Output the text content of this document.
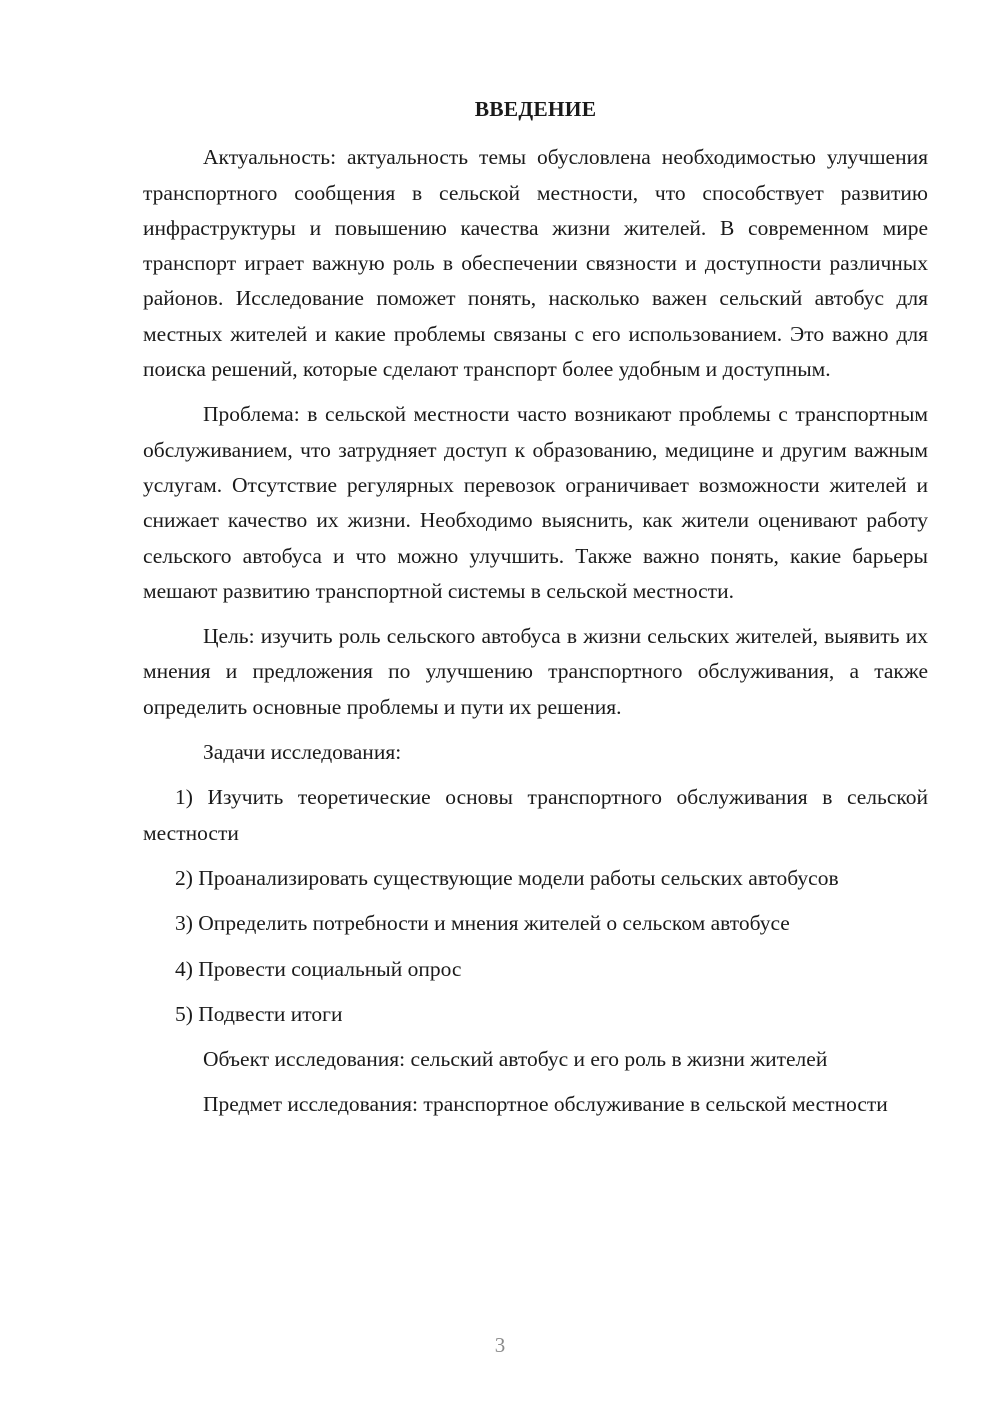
ВВЕДЕНИЕ

Актуальность: актуальность темы обусловлена необходимостью улучшения транспортного сообщения в сельской местности, что способствует развитию инфраструктуры и повышению качества жизни жителей. В современном мире транспорт играет важную роль в обеспечении связности и доступности различных районов. Исследование поможет понять, насколько важен сельский автобус для местных жителей и какие проблемы связаны с его использованием. Это важно для поиска решений, которые сделают транспорт более удобным и доступным.

Проблема: в сельской местности часто возникают проблемы с транспортным обслуживанием, что затрудняет доступ к образованию, медицине и другим важным услугам. Отсутствие регулярных перевозок ограничивает возможности жителей и снижает качество их жизни. Необходимо выяснить, как жители оценивают работу сельского автобуса и что можно улучшить. Также важно понять, какие барьеры мешают развитию транспортной системы в сельской местности.

Цель: изучить роль сельского автобуса в жизни сельских жителей, выявить их мнения и предложения по улучшению транспортного обслуживания, а также определить основные проблемы и пути их решения.

Задачи исследования:

1) Изучить теоретические основы транспортного обслуживания в сельской местности

2) Проанализировать существующие модели работы сельских автобусов

3) Определить потребности и мнения жителей о сельском автобусе

4) Провести социальный опрос

5) Подвести итоги

Объект исследования: сельский автобус и его роль в жизни жителей

Предмет исследования: транспортное обслуживание в сельской местности

3
